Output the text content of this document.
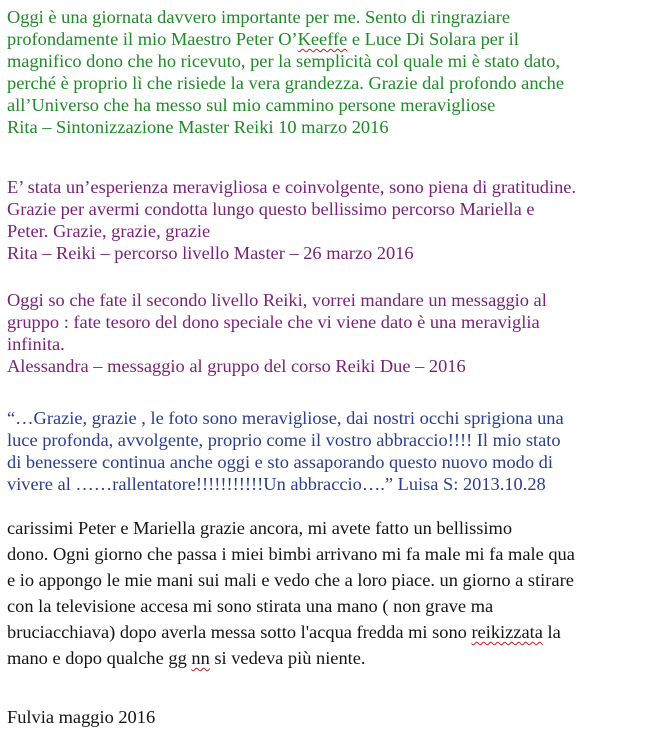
Oggi è una giornata davvero importante per me. Sento di ringraziare
profondamente il mio Maestro Peter O’Keeffe e Luce Di Solara per il
magnifico dono che ho ricevuto, per la semplicità col quale mi è stato dato,
perché è proprio lì che risiede la vera grandezza. Grazie dal profondo anche
all’Universo che ha messo sul mio cammino persone meravigliose
Rita – Sintonizzazione Master Reiki 10 marzo 2016
E’ stata un’esperienza meravigliosa e coinvolgente, sono piena di gratitudine.
Grazie per avermi condotta lungo questo bellissimo percorso Mariella e
Peter. Grazie, grazie, grazie
Rita – Reiki – percorso livello Master – 26 marzo 2016
Oggi so che fate il secondo livello Reiki, vorrei mandare un messaggio al
gruppo : fate tesoro del dono speciale che vi viene dato è una meraviglia
infinita.
Alessandra – messaggio al gruppo del corso Reiki Due – 2016
“…Grazie, grazie , le foto sono meravigliose, dai nostri occhi sprigiona una
luce profonda, avvolgente, proprio come il vostro abbraccio!!!! Il mio stato
di benessere continua anche oggi e sto assaporando questo nuovo modo di
vivere al ……rallentatore!!!!!!!!!!!Un abbraccio….” Luisa S: 2013.10.28
carissimi Peter e Mariella grazie ancora, mi avete fatto un bellissimo
dono. Ogni giorno che passa i miei bimbi arrivano mi fa male mi fa male qua
e io appongo le mie mani sui mali e vedo che a loro piace. un giorno a stirare
con la televisione accesa mi sono stirata una mano ( non grave ma
bruciacchiava) dopo averla messa sotto l'acqua fredda mi sono reikizzata la
mano e dopo qualche gg nn si vedeva più niente.
Fulvia maggio 2016
